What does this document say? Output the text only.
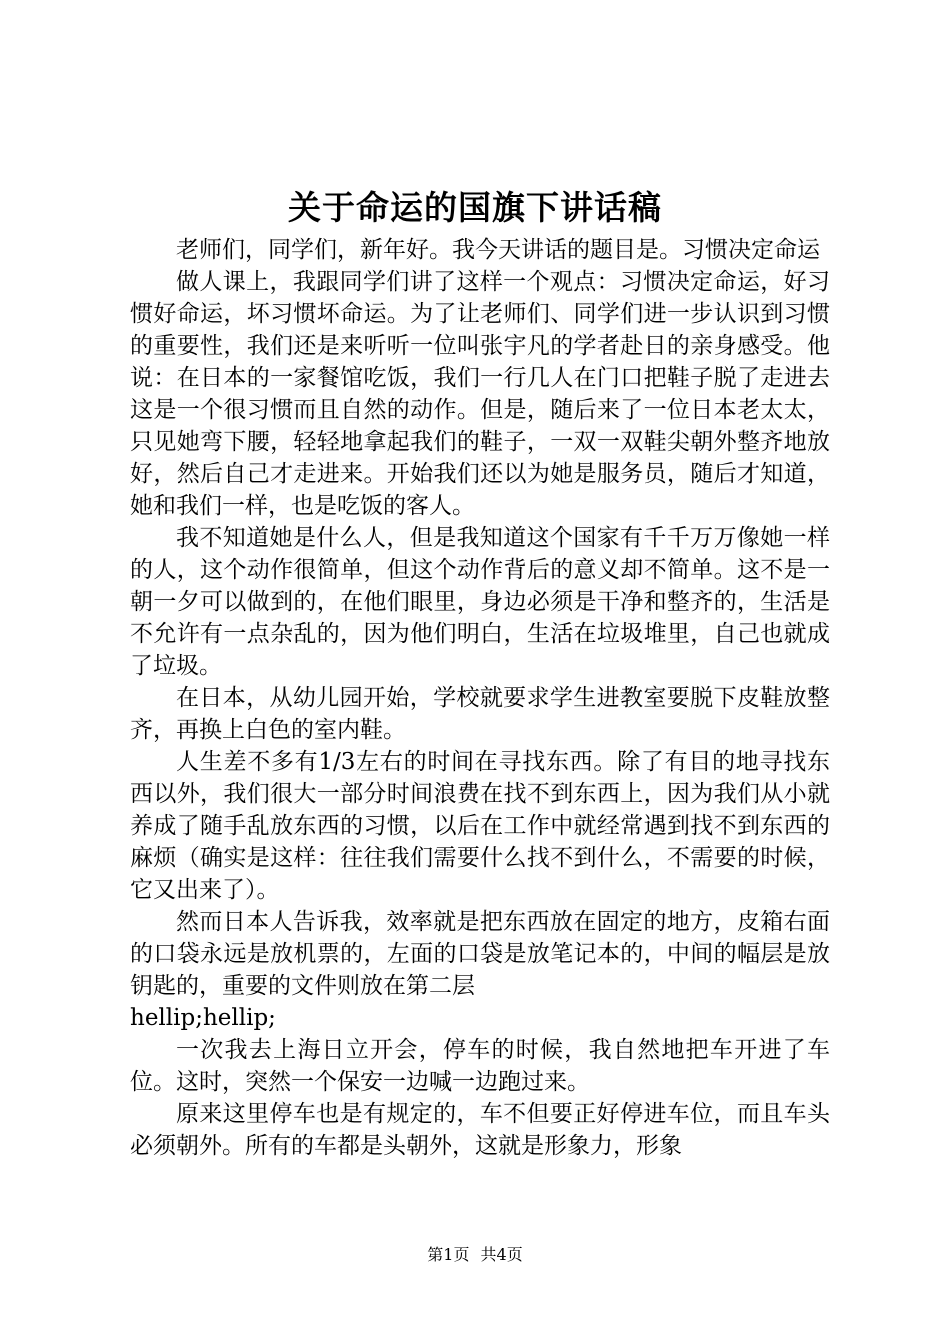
关于命运的国旗下讲话稿

老师们，同学们，新年好。我今天讲话的题目是。习惯决定命运

做人课上，我跟同学们讲了这样一个观点：习惯决定命运，好习惯好命运，坏习惯坏命运。为了让老师们、同学们进一步认识到习惯的重要性，我们还是来听听一位叫张宇凡的学者赴日的亲身感受。他说：在日本的一家餐馆吃饭，我们一行几人在门口把鞋子脱了走进去这是一个很习惯而且自然的动作。但是，随后来了一位日本老太太，只见她弯下腰，轻轻地拿起我们的鞋子，一双一双鞋尖朝外整齐地放好，然后自己才走进来。开始我们还以为她是服务员，随后才知道，她和我们一样，也是吃饭的客人。

我不知道她是什么人，但是我知道这个国家有千千万万像她一样的人，这个动作很简单，但这个动作背后的意义却不简单。这不是一朝一夕可以做到的，在他们眼里，身边必须是干净和整齐的，生活是不允许有一点杂乱的，因为他们明白，生活在垃圾堆里，自己也就成了垃圾。

在日本，从幼儿园开始，学校就要求学生进教室要脱下皮鞋放整齐，再换上白色的室内鞋。

人生差不多有1/3左右的时间在寻找东西。除了有目的地寻找东西以外，我们很大一部分时间浪费在找不到东西上，因为我们从小就养成了随手乱放东西的习惯，以后在工作中就经常遇到找不到东西的麻烦（确实是这样：往往我们需要什么找不到什么，不需要的时候，它又出来了）。

然而日本人告诉我，效率就是把东西放在固定的地方，皮箱右面的口袋永远是放机票的，左面的口袋是放笔记本的，中间的幅层是放钥匙的，重要的文件则放在第二层

hellip;hellip;

一次我去上海日立开会，停车的时候，我自然地把车开进了车位。这时，突然一个保安一边喊一边跑过来。

原来这里停车也是有规定的，车不但要正好停进车位，而且车头必须朝外。所有的车都是头朝外，这就是形象力，形象

第1页 共4页
